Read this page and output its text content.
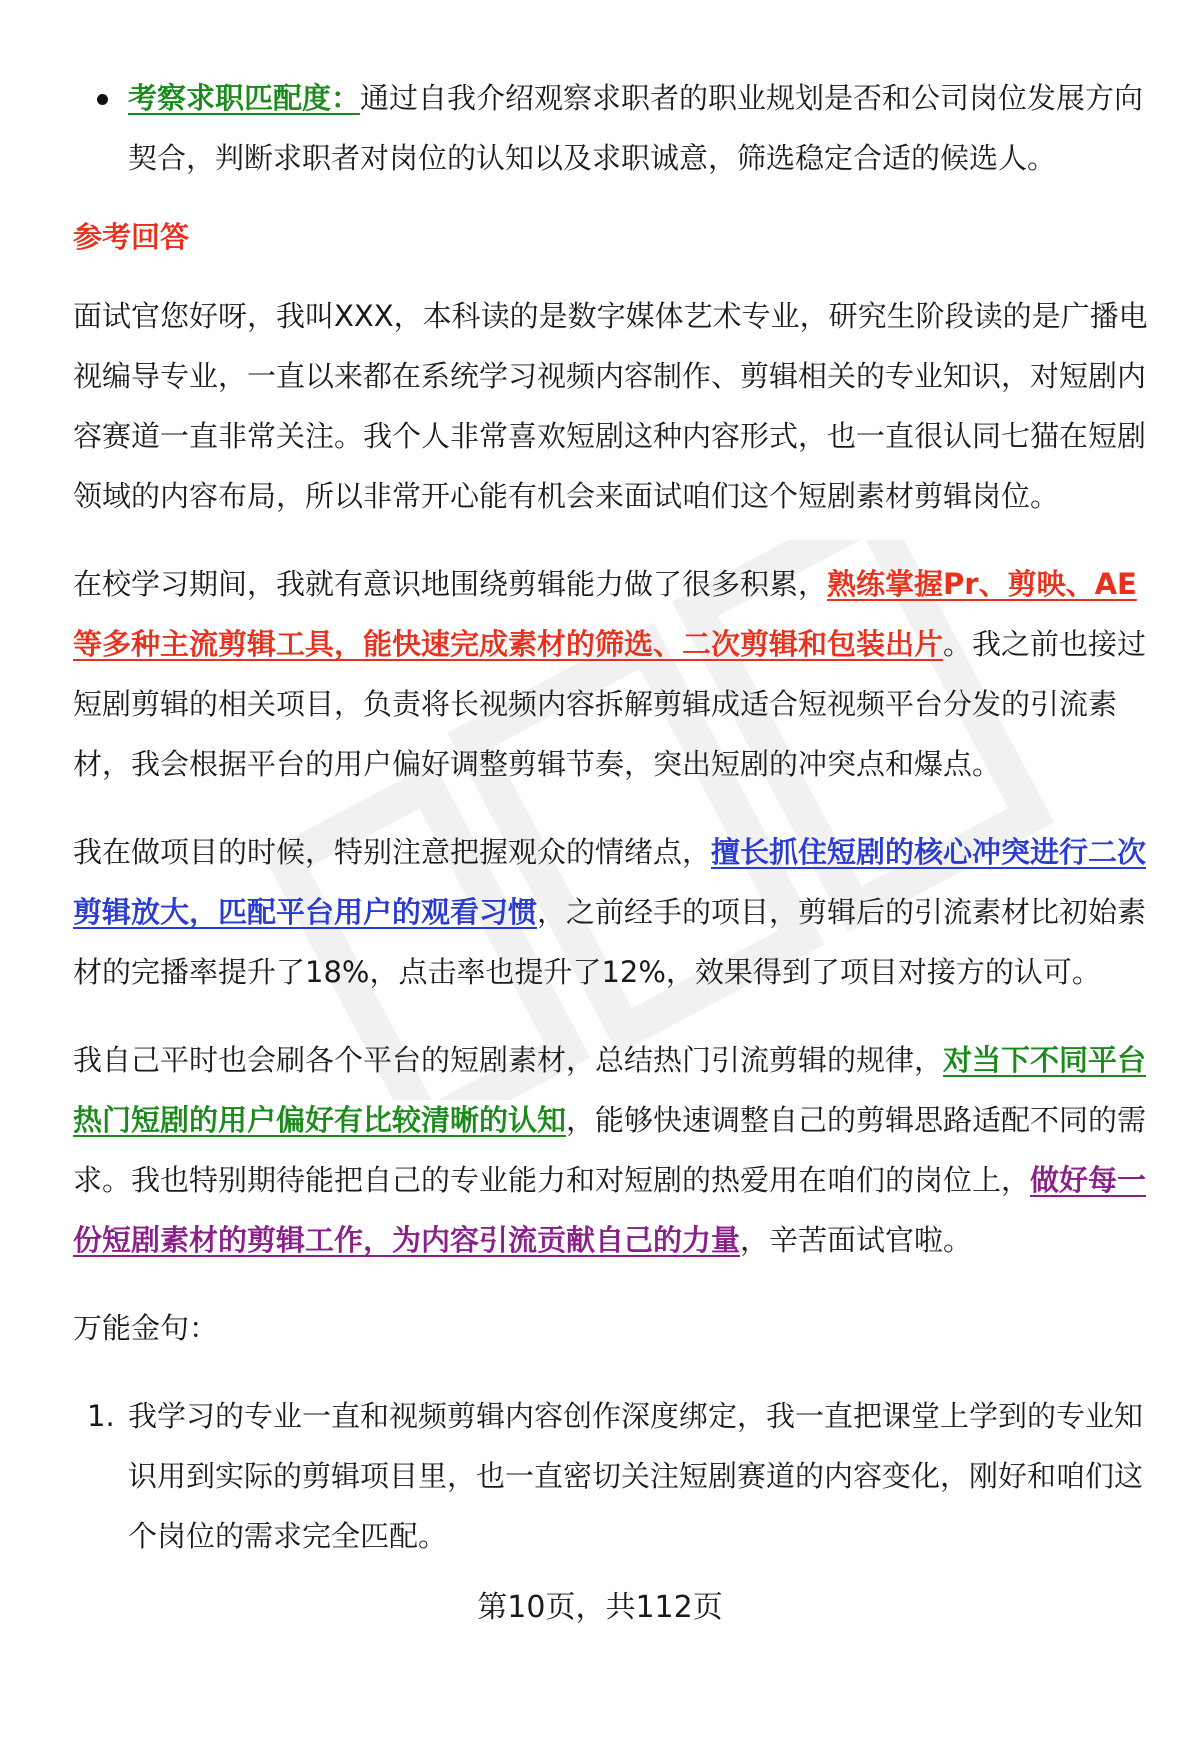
考察求职匹配度：通过自我介绍观察求职者的职业规划是否和公司岗位发展方向契合，判断求职者对岗位的认知以及求职诚意，筛选稳定合适的候选人。

参考回答

面试官您好呀，我叫XXX，本科读的是数字媒体艺术专业，研究生阶段读的是广播电视编导专业，一直以来都在系统学习视频内容制作、剪辑相关的专业知识，对短剧内容赛道一直非常关注。我个人非常喜欢短剧这种内容形式，也一直很认同七猫在短剧领域的内容布局，所以非常开心能有机会来面试咱们这个短剧素材剪辑岗位。

在校学习期间，我就有意识地围绕剪辑能力做了很多积累，熟练掌握Pr、剪映、AE等多种主流剪辑工具，能快速完成素材的筛选、二次剪辑和包装出片。我之前也接过短剧剪辑的相关项目，负责将长视频内容拆解剪辑成适合短视频平台分发的引流素材，我会根据平台的用户偏好调整剪辑节奏，突出短剧的冲突点和爆点。

我在做项目的时候，特别注意把握观众的情绪点，擅长抓住短剧的核心冲突进行二次剪辑放大，匹配平台用户的观看习惯，之前经手的项目，剪辑后的引流素材比初始素材的完播率提升了18%，点击率也提升了12%，效果得到了项目对接方的认可。

我自己平时也会刷各个平台的短剧素材，总结热门引流剪辑的规律，对当下不同平台热门短剧的用户偏好有比较清晰的认知，能够快速调整自己的剪辑思路适配不同的需求。我也特别期待能把自己的专业能力和对短剧的热爱用在咱们的岗位上，做好每一份短剧素材的剪辑工作，为内容引流贡献自己的力量，辛苦面试官啦。

万能金句：

1. 我学习的专业一直和视频剪辑内容创作深度绑定，我一直把课堂上学到的专业知识用到实际的剪辑项目里，也一直密切关注短剧赛道的内容变化，刚好和咱们这个岗位的需求完全匹配。

第10页，共112页
